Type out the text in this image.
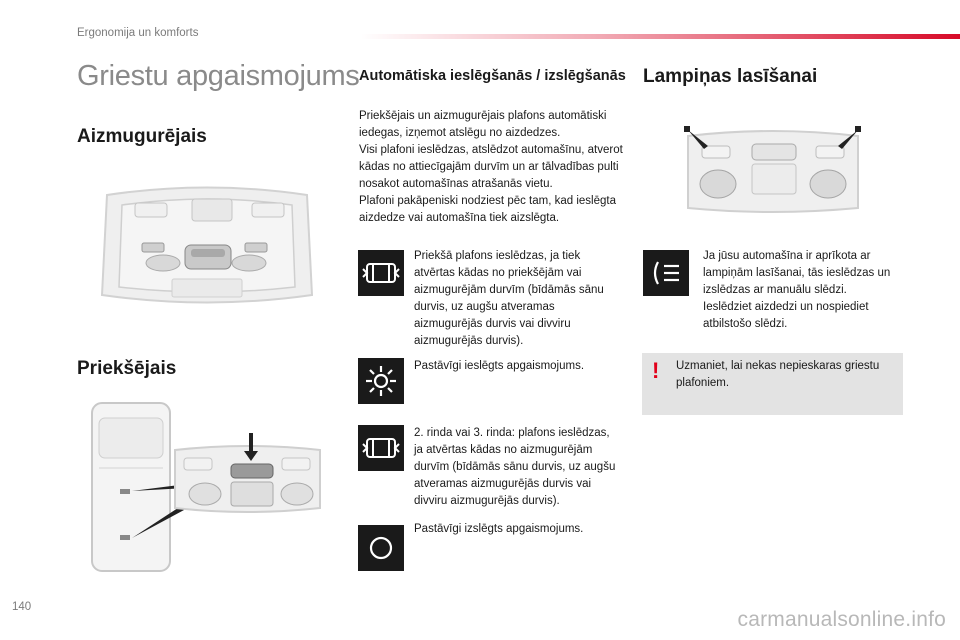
Ergonomija un komforts
Griestu apgaismojums
Aizmugurējais
Priekšējais
Automātiska ieslēgšanās / izslēgšanās
Priekšējais un aizmugurējais plafons automātiski iedegas, izņemot atslēgu no aizdedzes.
Visi plafoni ieslēdzas, atslēdzot automašīnu, atverot kādas no attiecīgajām durvīm un ar tālvadības pulti nosakot automašīnas atrašanās vietu.
Plafoni pakāpeniski nodziest pēc tam, kad ieslēgta aizdedze vai automašīna tiek aizslēgta.
Priekšā plafons ieslēdzas, ja tiek atvērtas kādas no priekšējām vai aizmugurējām durvīm (bīdāmās sānu durvis, uz augšu atveramas aizmugurējās durvis vai divviru aizmugurējās durvis).
Pastāvīgi ieslēgts apgaismojums.
2. rinda vai 3. rinda: plafons ieslēdzas, ja atvērtas kādas no aizmugurējām durvīm (bīdāmās sānu durvis, uz augšu atveramas aizmugurējās durvis vai divviru aizmugurējās durvis).
Pastāvīgi izslēgts apgaismojums.
Lampiņas lasīšanai
Ja jūsu automašīna ir aprīkota ar lampiņām lasīšanai, tās ieslēdzas un izslēdzas ar manuālu slēdzi.
Ieslēdziet aizdedzi un nospiediet atbilstošo slēdzi.
! Uzmaniet, lai nekas nepieskaras griestu plafoniem.
140
carmanualsonline.info
